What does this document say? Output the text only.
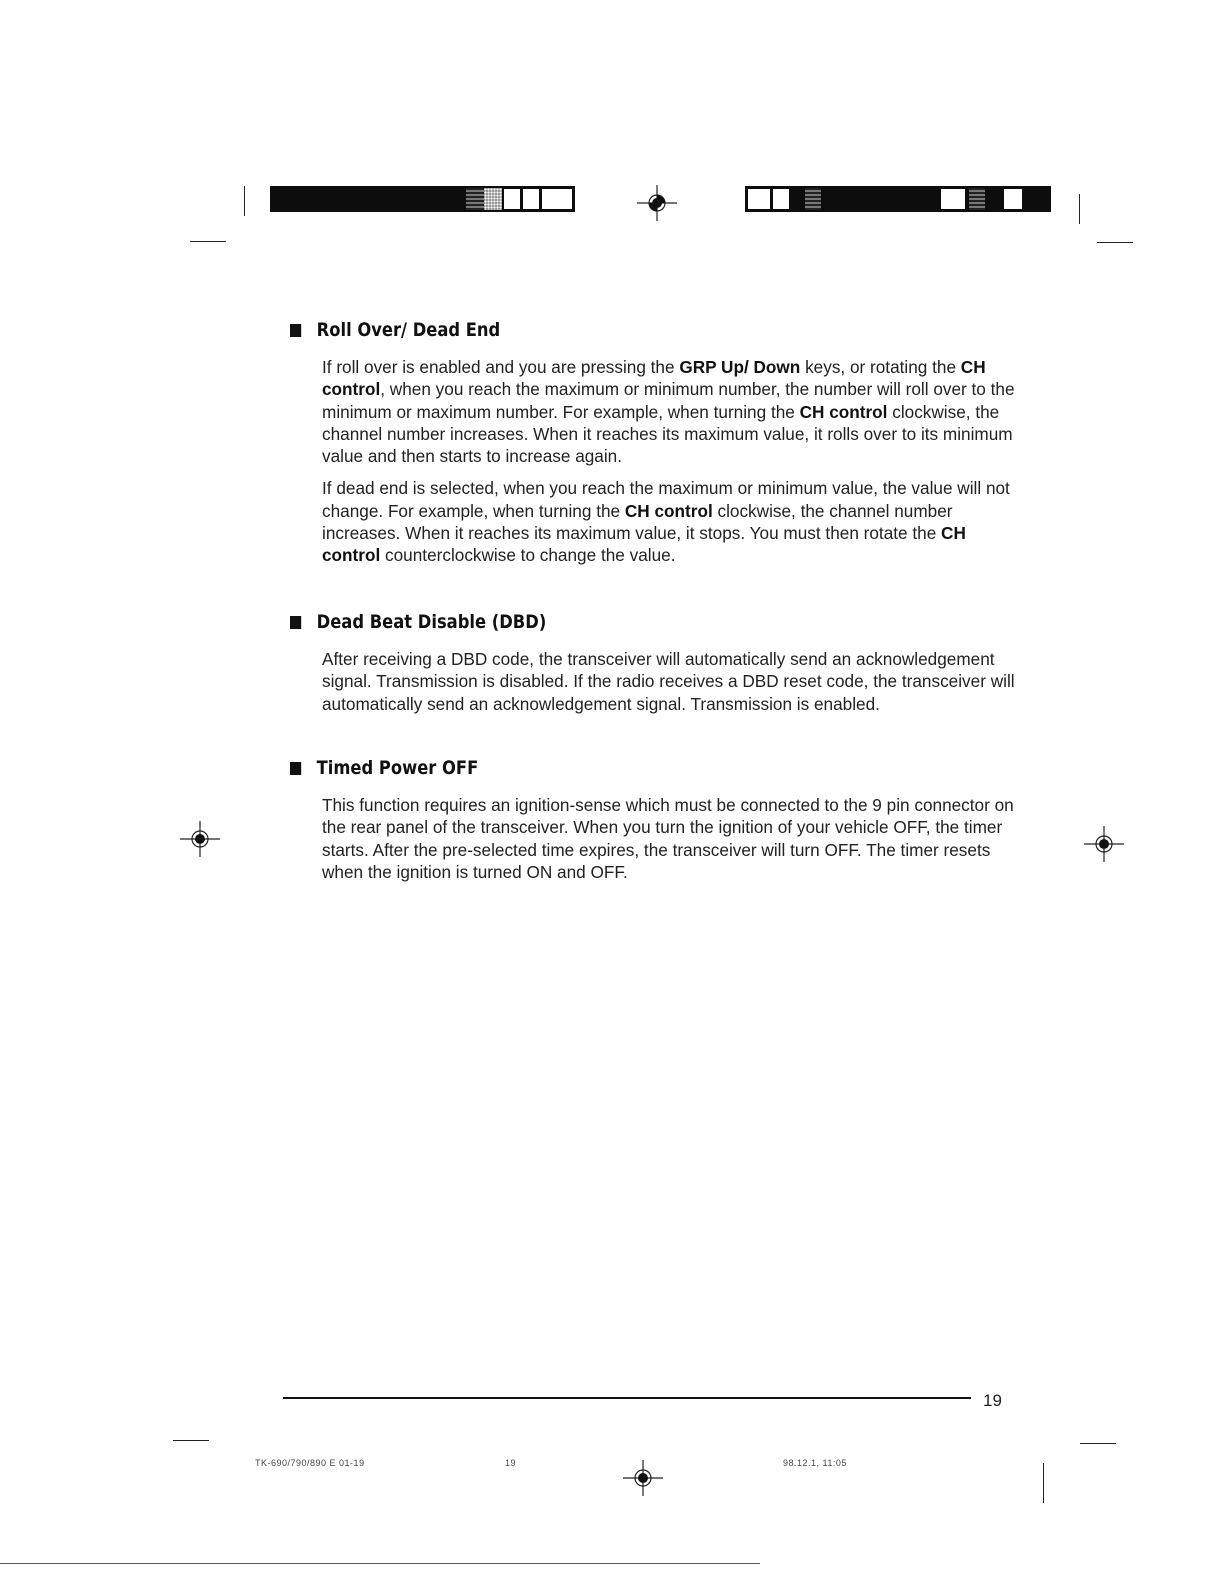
Roll Over/ Dead End

If roll over is enabled and you are pressing the GRP Up/ Down keys, or rotating the CH control, when you reach the maximum or minimum number, the number will roll over to the minimum or maximum number. For example, when turning the CH control clockwise, the channel number increases. When it reaches its maximum value, it rolls over to its minimum value and then starts to increase again.

If dead end is selected, when you reach the maximum or minimum value, the value will not change. For example, when turning the CH control clockwise, the channel number increases. When it reaches its maximum value, it stops. You must then rotate the CH control counterclockwise to change the value.

Dead Beat Disable (DBD)

After receiving a DBD code, the transceiver will automatically send an acknowledgement signal. Transmission is disabled. If the radio receives a DBD reset code, the transceiver will automatically send an acknowledgement signal. Transmission is enabled.

Timed Power OFF

This function requires an ignition-sense which must be connected to the 9 pin connector on the rear panel of the transceiver. When you turn the ignition of your vehicle OFF, the timer starts. After the pre-selected time expires, the transceiver will turn OFF. The timer resets when the ignition is turned ON and OFF.

19
TK-690/790/890 E 01-19	19	98.12.1, 11:05
